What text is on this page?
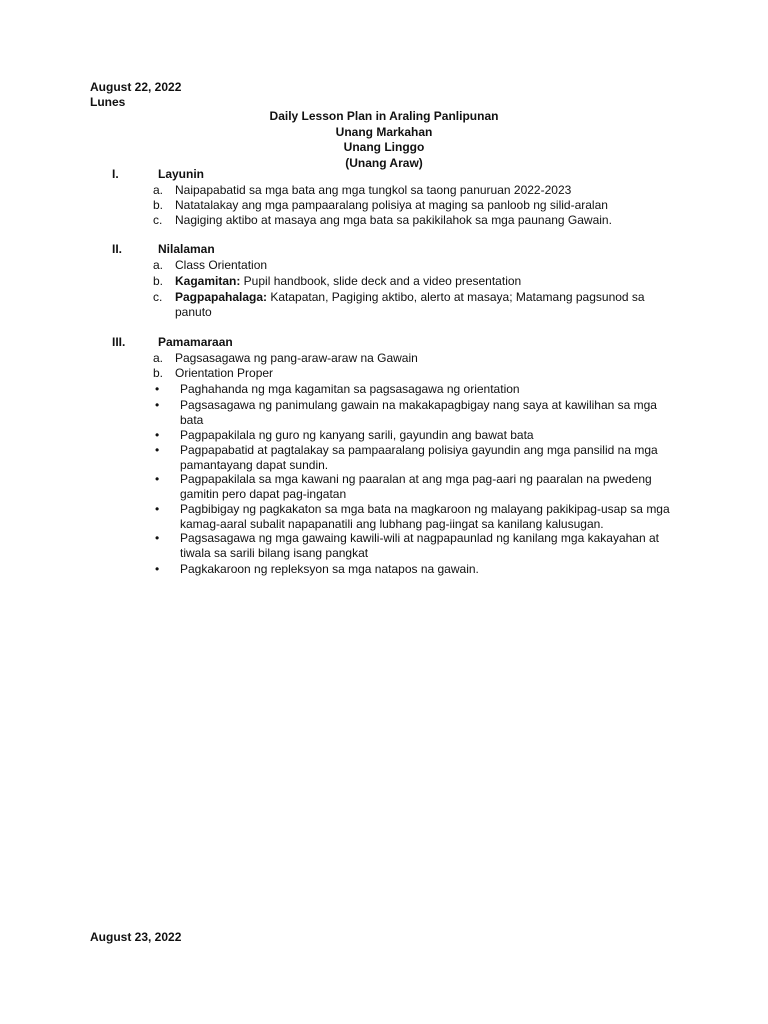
August 22, 2022
Lunes
Daily Lesson Plan in Araling Panlipunan
Unang Markahan
Unang Linggo
(Unang Araw)
I.	Layunin
a. Naipapabatid sa mga bata ang mga tungkol sa taong panuruan 2022-2023
b. Natatalakay ang mga pampaaralang polisiya at maging sa panloob ng silid-aralan
c. Nagiging aktibo at masaya ang mga bata sa pakikilahok sa mga paunang Gawain.
II.	Nilalaman
a. Class Orientation
b. Kagamitan: Pupil handbook, slide deck and a video presentation
c. Pagpapahalaga: Katapatan, Pagiging aktibo, alerto at masaya; Matamang pagsunod sa panuto
III.	Pamamaraan
a. Pagsasagawa ng pang-araw-araw na Gawain
b. Orientation Proper
• Paghahanda ng mga kagamitan sa pagsasagawa ng orientation
• Pagsasagawa ng panimulang gawain na makakapagbigay nang saya at kawilihan sa mga bata
• Pagpapakilala ng guro ng kanyang sarili, gayundin ang bawat bata
• Pagpapabatid at pagtalakay sa pampaaralang polisiya gayundin ang mga pansilid na mga pamantayang dapat sundin.
• Pagpapakilala sa mga kawani ng paaralan at ang mga pag-aari ng paaralan na pwedeng gamitin pero dapat pag-ingatan
• Pagbibigay ng pagkakaton sa mga bata na magkaroon ng malayang pakikipag-usap sa mga kamag-aaral subalit napapanatili ang lubhang pag-iingat sa kanilang kalusugan.
• Pagsasagawa ng mga gawaing kawili-wili at nagpapaunlad ng kanilang mga kakayahan at tiwala sa sarili bilang isang pangkat
• Pagkakaroon ng repleksyon sa mga natapos na gawain.
August 23, 2022
